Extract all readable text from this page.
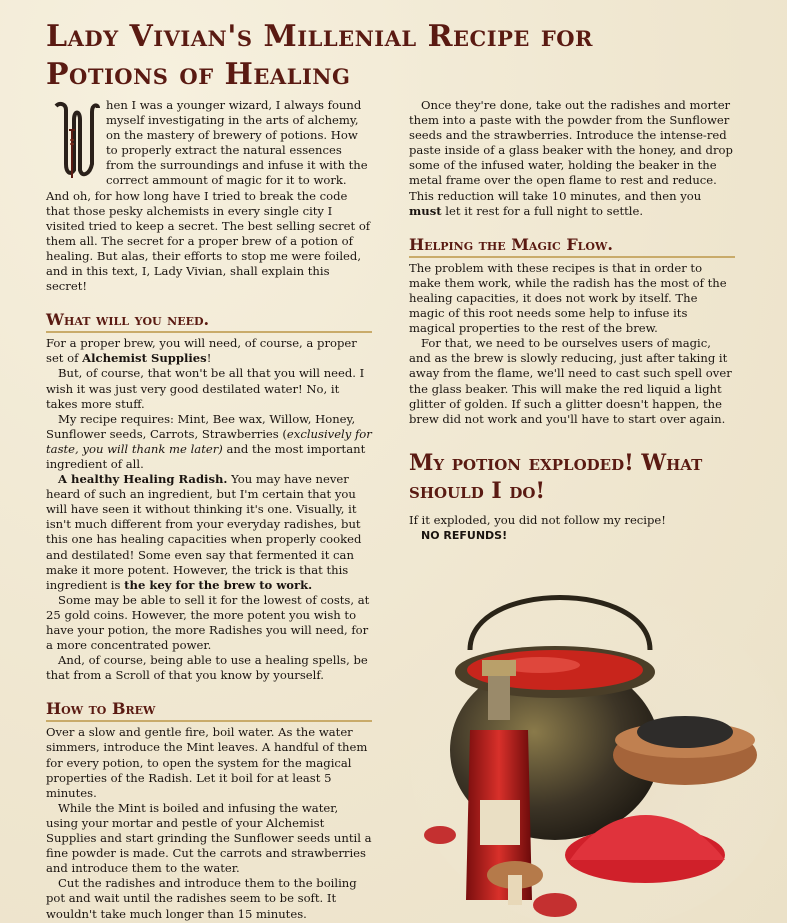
Lady Vivian's Millenial Recipe for Potions of Healing

hen I was a younger wizard, I always found myself investigating in the arts of alchemy, on the mastery of brewery of potions. How to properly extract the natural essences from the surroundings and infuse it with the correct ammount of magic for it to work. And oh, for how long have I tried to break the code that those pesky alchemists in every single city I visited tried to keep a secret. The best selling secret of them all. The secret for a proper brew of a potion of healing. But alas, their efforts to stop me were foiled, and in this text, I, Lady Vivian, shall explain this secret!

What will you need.

For a proper brew, you will need, of course, a proper set of Alchemist Supplies!

But, of course, that won't be all that you will need. I wish it was just very good destilated water! No, it takes more stuff.

My recipe requires: Mint, Bee wax, Willow, Honey, Sunflower seeds, Carrots, Strawberries (exclusively for taste, you will thank me later) and the most important ingredient of all.

A healthy Healing Radish. You may have never heard of such an ingredient, but I'm certain that you will have seen it without thinking it's one. Visually, it isn't much different from your everyday radishes, but this one has healing capacities when properly cooked and destilated! Some even say that fermented it can make it more potent. However, the trick is that this ingredient is the key for the brew to work.

Some may be able to sell it for the lowest of costs, at 25 gold coins. However, the more potent you wish to have your potion, the more Radishes you will need, for a more concentrated power.

And, of course, being able to use a healing spells, be that from a Scroll of that you know by yourself.

How to Brew

Over a slow and gentle fire, boil water. As the water simmers, introduce the Mint leaves. A handful of them for every potion, to open the system for the magical properties of the Radish. Let it boil for at least 5 minutes.

While the Mint is boiled and infusing the water, using your mortar and pestle of your Alchemist Supplies and start grinding the Sunflower seeds until a fine powder is made. Cut the carrots and strawberries and introduce them to the water.

Cut the radishes and introduce them to the boiling pot and wait until the radishes seem to be soft. It wouldn't take much longer than 15 minutes.

Once they're done, take out the radishes and morter them into a paste with the powder from the Sunflower seeds and the strawberries. Introduce the intense-red paste inside of a glass beaker with the honey, and drop some of the infused water, holding the beaker in the metal frame over the open flame to rest and reduce. This reduction will take 10 minutes, and then you must let it rest for a full night to settle.

Helping the Magic Flow.

The problem with these recipes is that in order to make them work, while the radish has the most of the healing capacities, it does not work by itself. The magic of this root needs some help to infuse its magical properties to the rest of the brew.

For that, we need to be ourselves users of magic, and as the brew is slowly reducing, just after taking it away from the flame, we'll need to cast such spell over the glass beaker. This will make the red liquid a light glitter of golden. If such a glitter doesn't happen, the brew did not work and you'll have to start over again.

My potion exploded! What should I do!

If it exploded, you did not follow my recipe!

NO REFUNDS!
